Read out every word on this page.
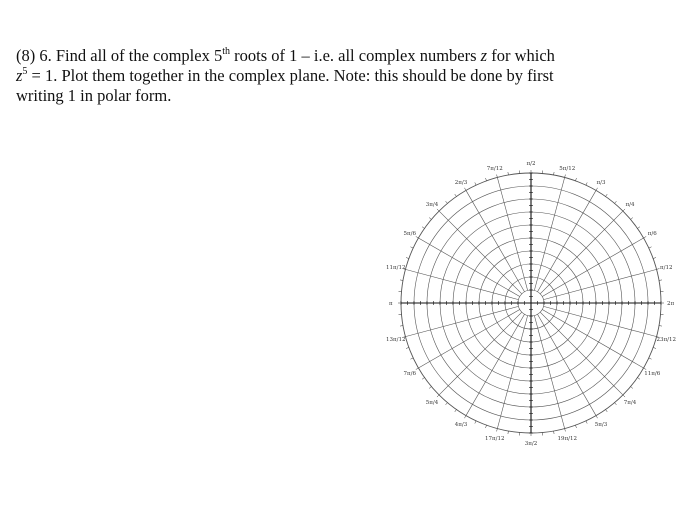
(8) 6. Find all of the complex 5th roots of 1 – i.e. all complex numbers z for which
$z^5 = 1$. Plot them together in the complex plane. Note: this should be done by first
writing 1 in polar form.
π/12
π/6
π/4
π/3
5π/12
π/2
7π/12
2π/3
3π/4
5π/6
11π/12
13π/12
7π/6
5π/4
4π/3
17π/12
3π/2
19π/12
5π/3
7π/4
11π/6
23π/12
2π
π
